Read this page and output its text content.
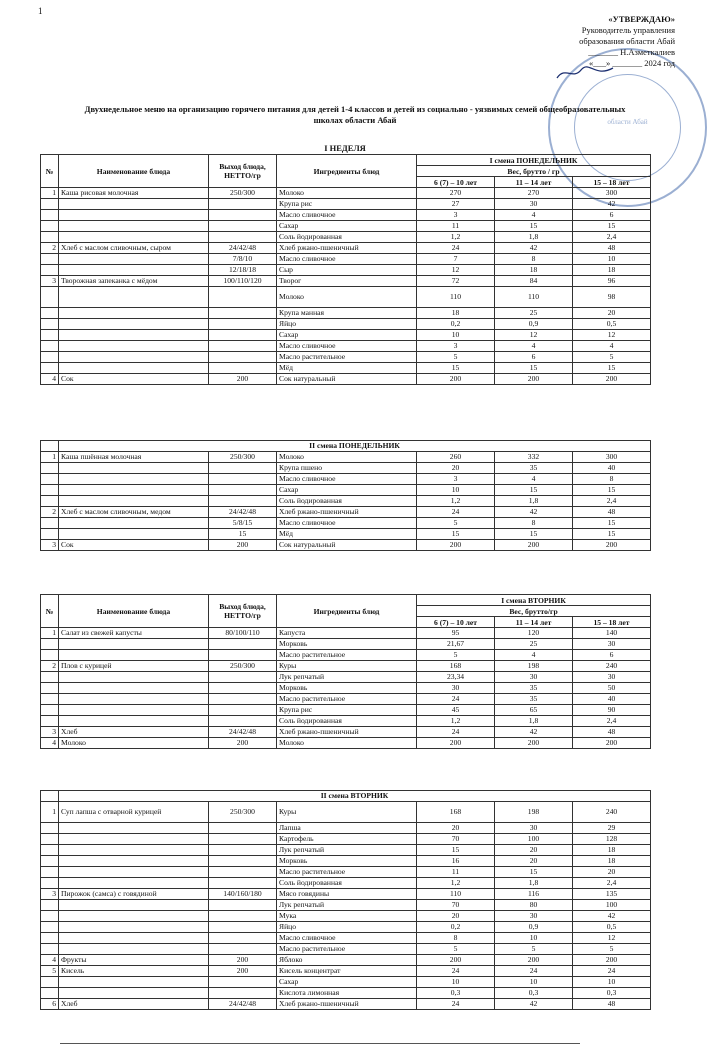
1
области Абай
«УТВЕРЖДАЮ»
Руководитель управления
образования области Абай
_______ Н.Азметкалиев
«___» _______ 2024 год
Двухнедельное меню на организацию горячего питания для детей 1-4 классов и детей из социально - уязвимых семей общеобразовательных школах области Абай
I НЕДЕЛЯ
№	Наименование блюда	Выход блюда, НЕТТО/гр	Ингредиенты блюд	I смена ПОНЕДЕЛЬНИК		
				Вес, брутто / гр		
				6 (7) – 10 лет	11 – 14 лет	15 – 18 лет
1	Каша рисовая молочная	250/300	Молоко	270	270	300
			Крупа рис	27	30	42
			Масло сливочное	3	4	6
			Сахар	11	15	15
			Соль йодированная	1,2	1,8	2,4
2	Хлеб с маслом сливочным, сыром	24/42/48	Хлеб ржано-пшеничный	24	42	48
		7/8/10	Масло сливочное	7	8	10
		12/18/18	Сыр	12	18	18
3	Творожная запеканка с мёдом	100/110/120	Творог	72	84	96
			Молоко	110	110	98
			Крупа манная	18	25	20
			Яйцо	0,2	0,9	0,5
			Сахар	10	12	12
			Масло сливочное	3	4	4
			Масло растительное	5	6	5
			Мёд	15	15	15
4	Сок	200	Сок натуральный	200	200	200
	II смена ПОНЕДЕЛЬНИК					
1	Каша пшённая молочная	250/300	Молоко	260	332	300
			Крупа пшено	20	35	40
			Масло сливочное	3	4	8
			Сахар	10	15	15
			Соль йодированная	1,2	1,8	2,4
2	Хлеб с маслом сливочным, медом	24/42/48	Хлеб ржано-пшеничный	24	42	48
		5/8/15	Масло сливочное	5	8	15
		15	Мёд	15	15	15
3	Сок	200	Сок натуральный	200	200	200
№	Наименование блюда	Выход блюда, НЕТТО/гр	Ингредиенты блюд	I смена ВТОРНИК		
				Вес, брутто/гр		
				6 (7) – 10 лет	11 – 14 лет	15 – 18 лет
1	Салат из свежей капусты	80/100/110	Капуста	95	120	140
			Морковь	21,67	25	30
			Масло растительное	5	4	6
2	Плов с курицей	250/300	Куры	168	198	240
			Лук репчатый	23,34	30	30
			Морковь	30	35	50
			Масло растительное	24	35	40
			Крупа рис	45	65	90
			Соль йодированная	1,2	1,8	2,4
3	Хлеб	24/42/48	Хлеб ржано-пшеничный	24	42	48
4	Молоко	200	Молоко	200	200	200
	II смена ВТОРНИК					
1	Суп лапша с отварной курицей	250/300	Куры	168	198	240
			Лапша	20	30	29
			Картофель	70	100	128
			Лук репчатый	15	20	18
			Морковь	16	20	18
			Масло растительное	11	15	20
			Соль йодированная	1,2	1,8	2,4
3	Пирожок (самса) с говядиной	140/160/180	Мясо говядины	110	116	135
			Лук репчатый	70	80	100
			Мука	20	30	42
			Яйцо	0,2	0,9	0,5
			Масло сливочное	8	10	12
			Масло растительное	5	5	5
4	Фрукты	200	Яблоко	200	200	200
5	Кисель	200	Кисель концентрат	24	24	24
			Сахар	10	10	10
			Кислота лимонная	0,3	0,3	0,3
6	Хлеб	24/42/48	Хлеб ржано-пшеничный	24	42	48
